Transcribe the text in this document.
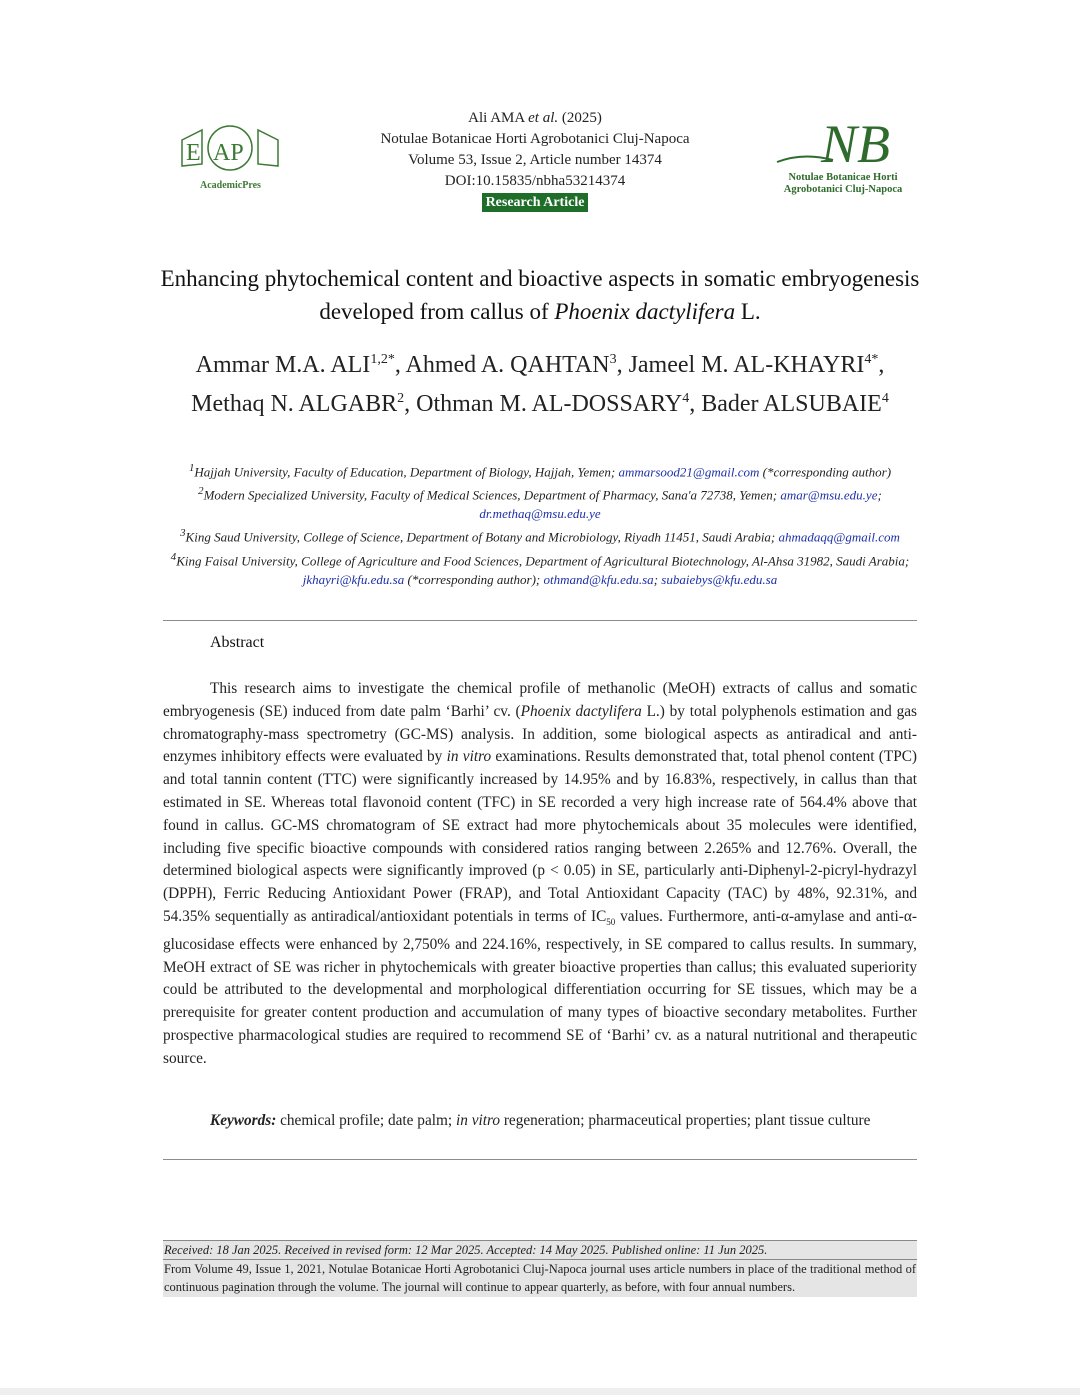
E AP
AcademicPres
Ali AMA et al. (2025)
Notulae Botanicae Horti Agrobotanici Cluj-Napoca
Volume 53, Issue 2, Article number 14374
DOI:10.15835/nbha53214374
Research Article
NB
Notulae Botanicae Horti
Agrobotanici Cluj-Napoca
Enhancing phytochemical content and bioactive aspects in somatic embryogenesis developed from callus of Phoenix dactylifera L.
Ammar M.A. $ALI^{1,2*}$, Ahmed A. QAHTAN$^3$, Jameel M. $AL-KHAYRI^{4*}$, Methaq N. ALGABR$^2$, Othman M. AL-DOSSARY$^4$, Bader ALSUBAIE$^4$
$^1$Hajjah University, Faculty of Education, Department of Biology, Hajjah, Yemen; ammarsood21@gmail.com (*corresponding author)
$^2$Modern Specialized University, Faculty of Medical Sciences, Department of Pharmacy, Sana'a 72738, Yemen; amar@msu.edu.ye; dr.methaq@msu.edu.ye
$^3$King Saud University, College of Science, Department of Botany and Microbiology, Riyadh 11451, Saudi Arabia; ahmadaqq@gmail.com
$^4$King Faisal University, College of Agriculture and Food Sciences, Department of Agricultural Biotechnology, Al-Ahsa 31982, Saudi Arabia; jkhayri@kfu.edu.sa (*corresponding author); othmand@kfu.edu.sa; subaiebys@kfu.edu.sa
Abstract
This research aims to investigate the chemical profile of methanolic (MeOH) extracts of callus and somatic embryogenesis (SE) induced from date palm ‘Barhi’ cv. (Phoenix dactylifera L.) by total polyphenols estimation and gas chromatography-mass spectrometry (GC-MS) analysis. In addition, some biological aspects as antiradical and anti-enzymes inhibitory effects were evaluated by in vitro examinations. Results demonstrated that, total phenol content (TPC) and total tannin content (TTC) were significantly increased by 14.95% and by 16.83%, respectively, in callus than that estimated in SE. Whereas total flavonoid content (TFC) in SE recorded a very high increase rate of 564.4% above that found in callus. GC-MS chromatogram of SE extract had more phytochemicals about 35 molecules were identified, including five specific bioactive compounds with considered ratios ranging between 2.265% and 12.76%. Overall, the determined biological aspects were significantly improved (p < 0.05) in SE, particularly anti-Diphenyl-2-picryl-hydrazyl (DPPH), Ferric Reducing Antioxidant Power (FRAP), and Total Antioxidant Capacity (TAC) by 48%, 92.31%, and 54.35% sequentially as antiradical/antioxidant potentials in terms of $IC_{50}$ values. Furthermore, anti-α-amylase and anti-α-glucosidase effects were enhanced by 2,750% and 224.16%, respectively, in SE compared to callus results. In summary, MeOH extract of SE was richer in phytochemicals with greater bioactive properties than callus; this evaluated superiority could be attributed to the developmental and morphological differentiation occurring for SE tissues, which may be a prerequisite for greater content production and accumulation of many types of bioactive secondary metabolites. Further prospective pharmacological studies are required to recommend SE of ‘Barhi’ cv. as a natural nutritional and therapeutic source.
Keywords: chemical profile; date palm; in vitro regeneration; pharmaceutical properties; plant tissue culture
Received: 18 Jan 2025. Received in revised form: 12 Mar 2025. Accepted: 14 May 2025. Published online: 11 Jun 2025.
From Volume 49, Issue 1, 2021, Notulae Botanicae Horti Agrobotanici Cluj-Napoca journal uses article numbers in place of the traditional method of continuous pagination through the volume. The journal will continue to appear quarterly, as before, with four annual numbers.
